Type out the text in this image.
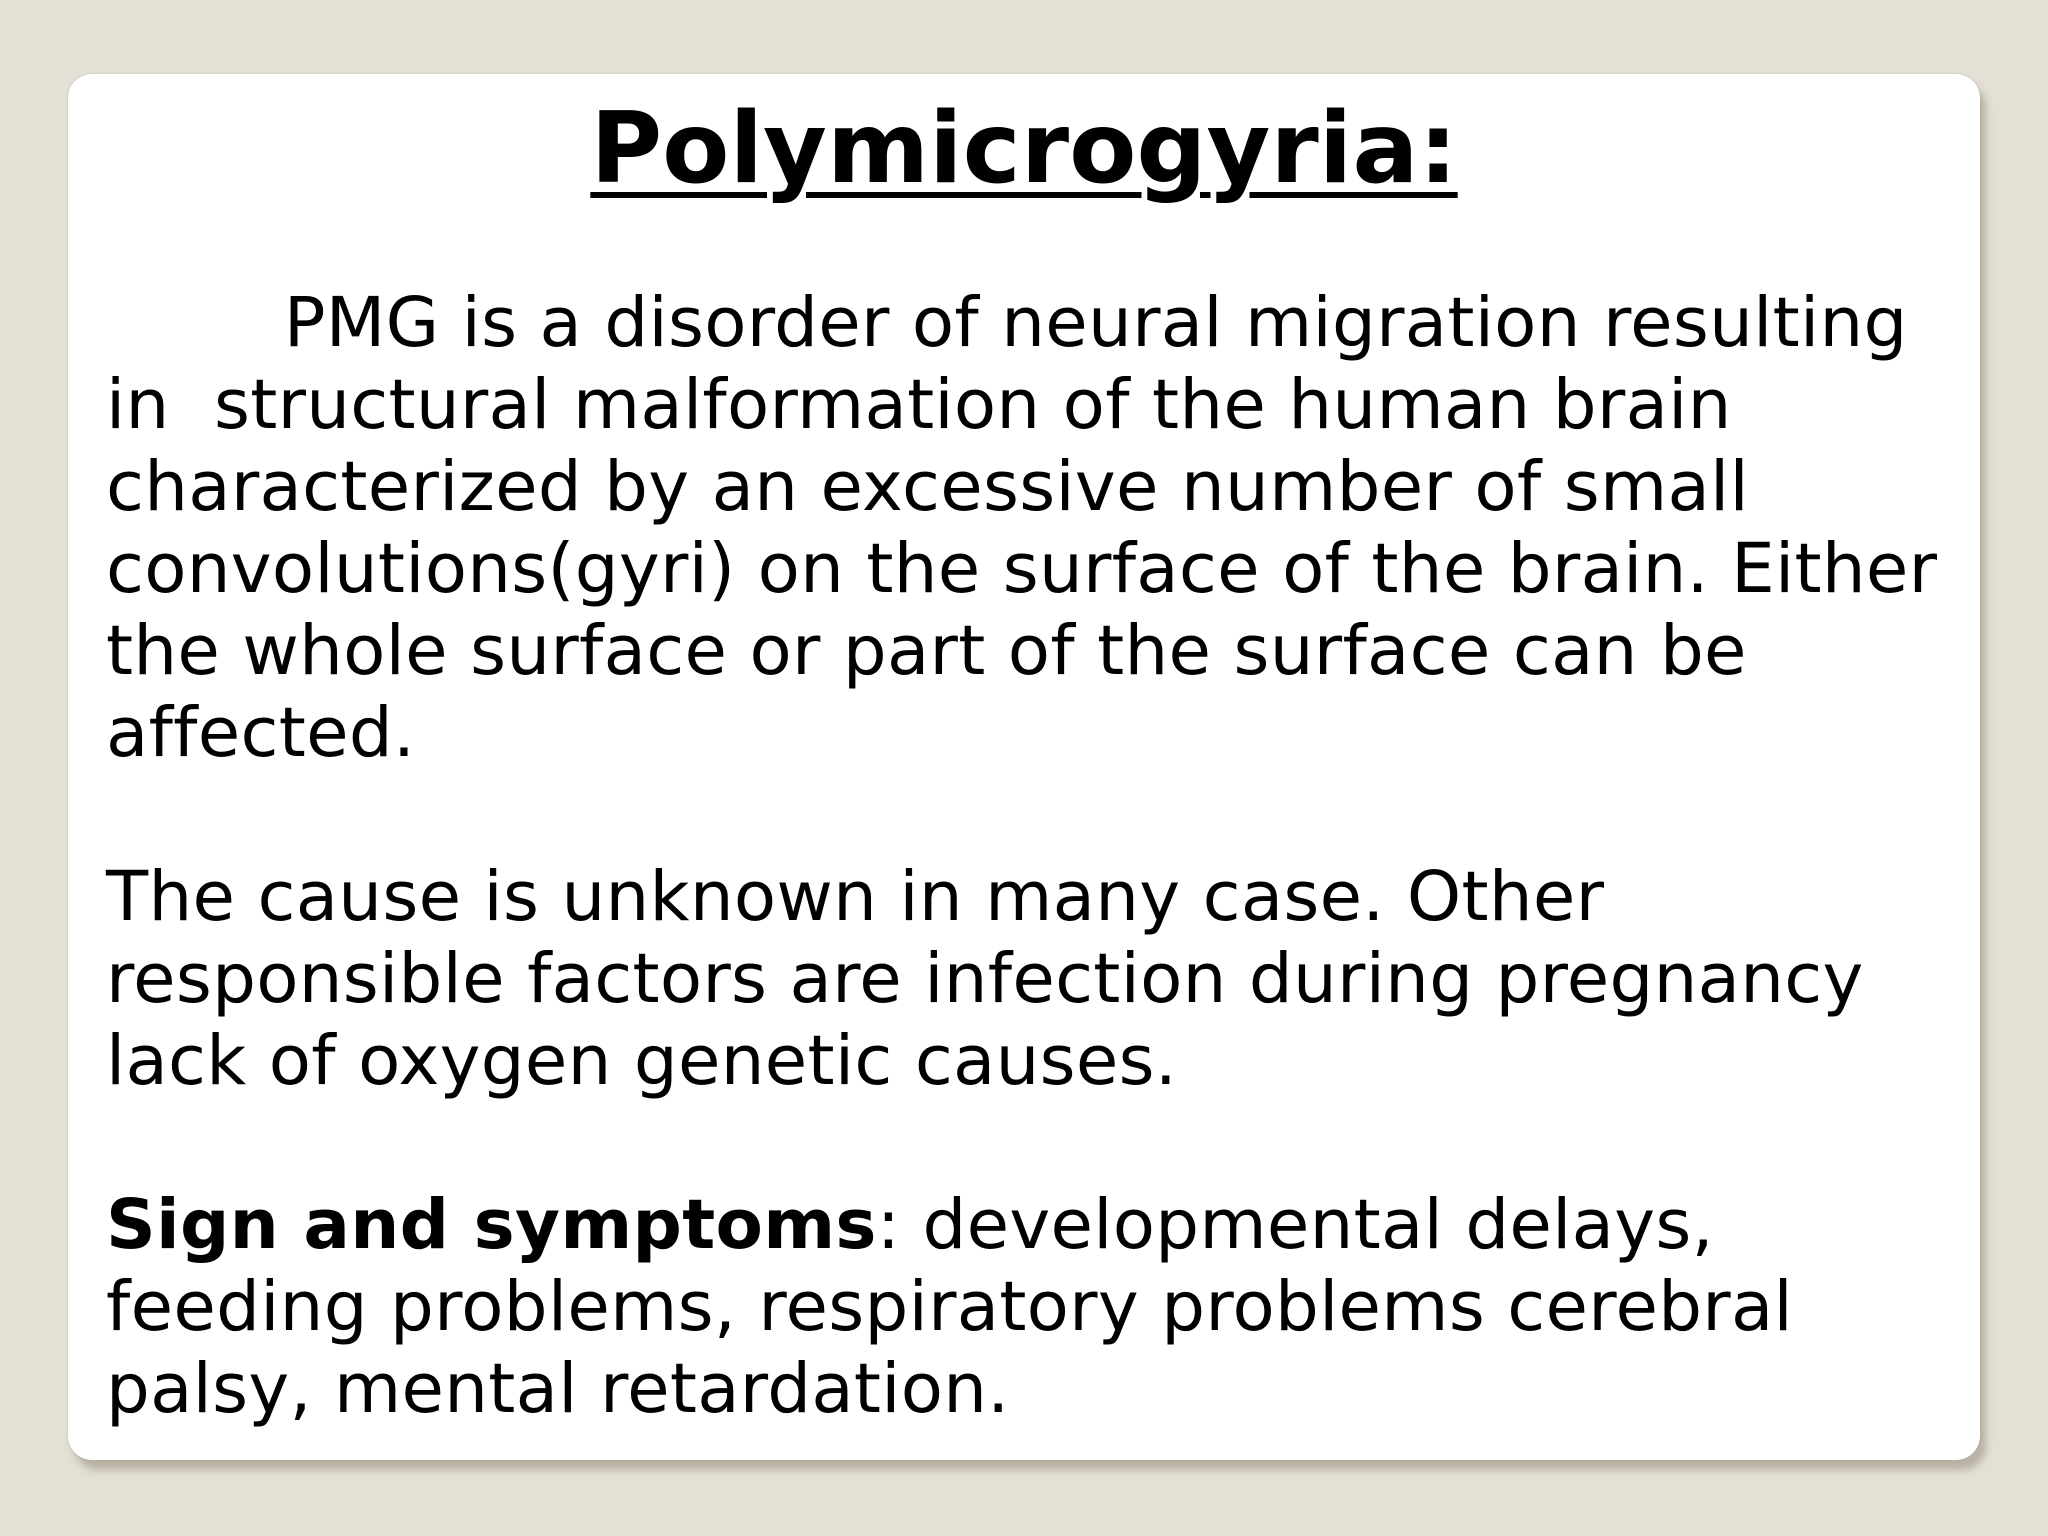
Polymicrogyria:

PMG is a disorder of neural migration resulting
in  structural malformation of the human brain
characterized by an excessive number of small
convolutions(gyri) on the surface of the brain. Either
the whole surface or part of the surface can be
affected.

The cause is unknown in many case. Other
responsible factors are infection during pregnancy
lack of oxygen genetic causes.

Sign and symptoms: developmental delays,
feeding problems, respiratory problems cerebral
palsy, mental retardation.
